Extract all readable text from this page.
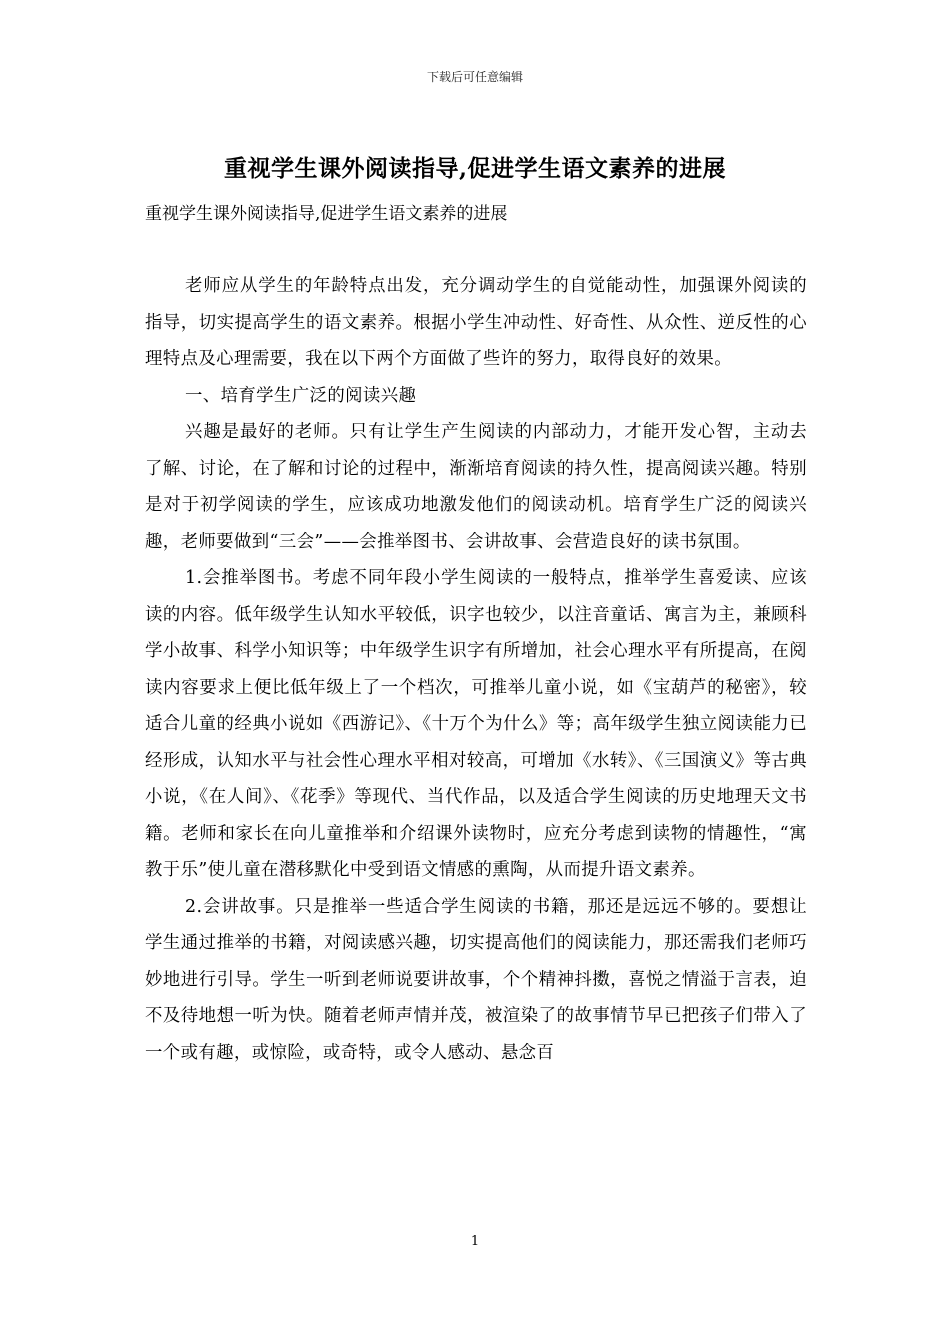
下载后可任意编辑
重视学生课外阅读指导,促进学生语文素养的进展
重视学生课外阅读指导,促进学生语文素养的进展

老师应从学生的年龄特点出发，充分调动学生的自觉能动性，加强课外阅读的指导，切实提高学生的语文素养。根据小学生冲动性、好奇性、从众性、逆反性的心理特点及心理需要，我在以下两个方面做了些许的努力，取得良好的效果。

一、培育学生广泛的阅读兴趣

兴趣是最好的老师。只有让学生产生阅读的内部动力，才能开发心智，主动去了解、讨论，在了解和讨论的过程中，渐渐培育阅读的持久性，提高阅读兴趣。特别是对于初学阅读的学生，应该成功地激发他们的阅读动机。培育学生广泛的阅读兴趣，老师要做到“三会”——会推举图书、会讲故事、会营造良好的读书氛围。

1.会推举图书。考虑不同年段小学生阅读的一般特点，推举学生喜爱读、应该读的内容。低年级学生认知水平较低，识字也较少，以注音童话、寓言为主，兼顾科学小故事、科学小知识等；中年级学生识字有所增加，社会心理水平有所提高，在阅读内容要求上便比低年级上了一个档次，可推举儿童小说，如《宝葫芦的秘密》，较适合儿童的经典小说如《西游记》、《十万个为什么》等；高年级学生独立阅读能力已经形成，认知水平与社会性心理水平相对较高，可增加《水转》、《三国演义》等古典小说，《在人间》、《花季》等现代、当代作品，以及适合学生阅读的历史地理天文书籍。老师和家长在向儿童推举和介绍课外读物时，应充分考虑到读物的情趣性，“寓教于乐”使儿童在潜移默化中受到语文情感的熏陶，从而提升语文素养。

2.会讲故事。只是推举一些适合学生阅读的书籍，那还是远远不够的。要想让学生通过推举的书籍，对阅读感兴趣，切实提高他们的阅读能力，那还需我们老师巧妙地进行引导。学生一听到老师说要讲故事，个个精神抖擞，喜悦之情溢于言表，迫不及待地想一听为快。随着老师声情并茂，被渲染了的故事情节早已把孩子们带入了一个或有趣，或惊险，或奇特，或令人感动、悬念百

1
